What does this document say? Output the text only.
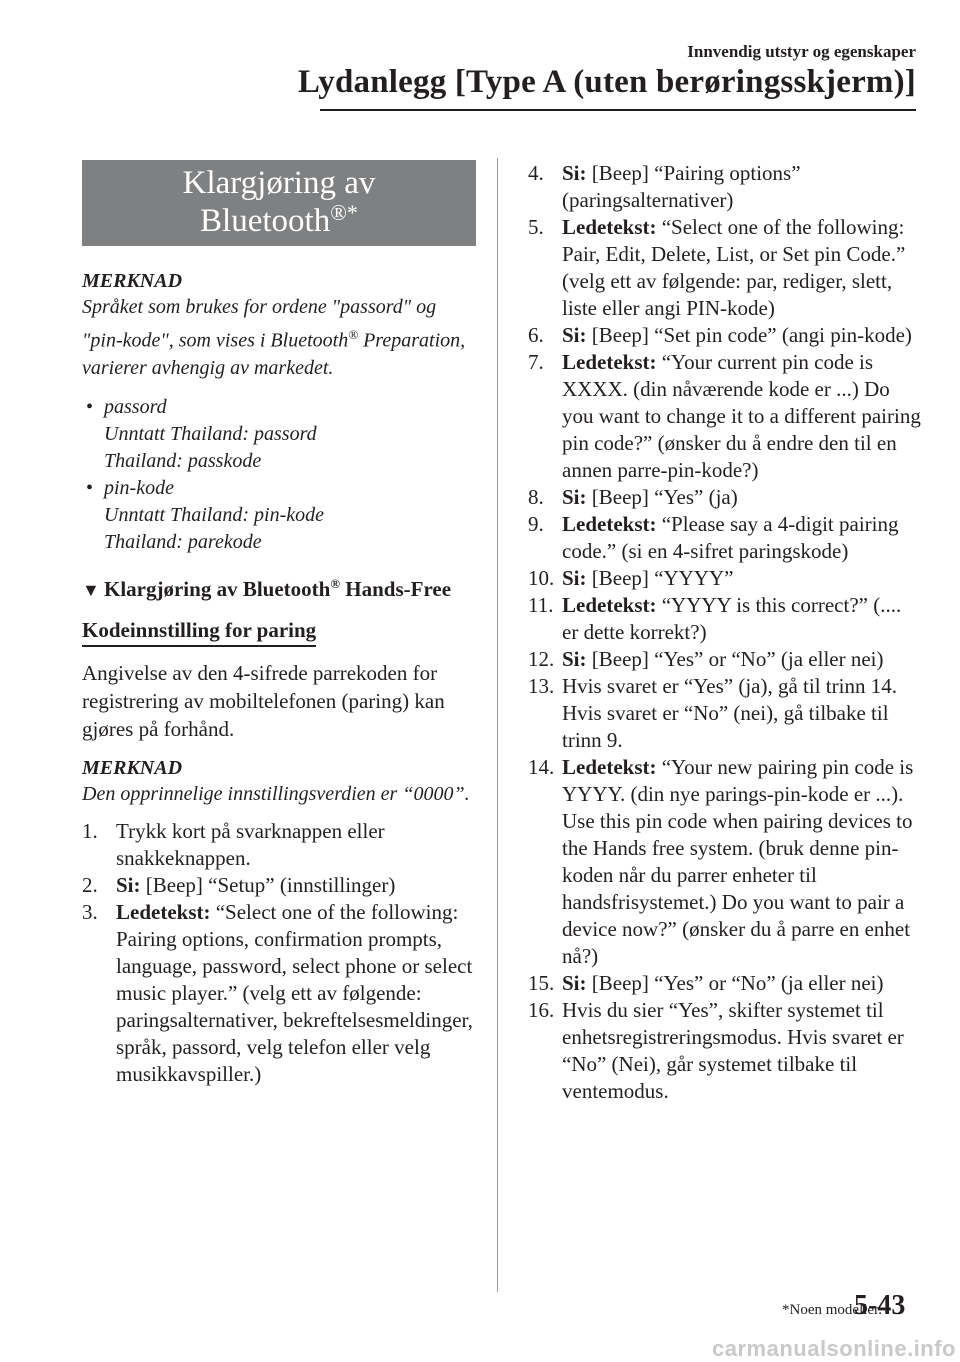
Innvendig utstyr og egenskaper
Lydanlegg [Type A (uten berøringsskjerm)]
Klargjøring av
Bluetooth®*
MERKNAD
Språket som brukes for ordene "passord" og "pin-kode", som vises i Bluetooth® Preparation, varierer avhengig av markedet.
• passord
Unntatt Thailand: passord
Thailand: passkode
• pin-kode
Unntatt Thailand: pin-kode
Thailand: parekode
▼ Klargjøring av Bluetooth® Hands-Free
Kodeinnstilling for paring
Angivelse av den 4-sifrede parrekoden for registrering av mobiltelefonen (paring) kan gjøres på forhånd.
MERKNAD
Den opprinnelige innstillingsverdien er “0000”.
1. Trykk kort på svarknappen eller snakkeknappen.
2. Si: [Beep] “Setup” (innstillinger)
3. Ledetekst: “Select one of the following: Pairing options, confirmation prompts, language, password, select phone or select music player.” (velg ett av følgende: paringsalternativer, bekreftelsesmeldinger, språk, passord, velg telefon eller velg musikkavspiller.)
4. Si: [Beep] “Pairing options” (paringsalternativer)
5. Ledetekst: “Select one of the following: Pair, Edit, Delete, List, or Set pin Code.” (velg ett av følgende: par, rediger, slett, liste eller angi PIN-kode)
6. Si: [Beep] “Set pin code” (angi pin-kode)
7. Ledetekst: “Your current pin code is XXXX. (din nåværende kode er ...) Do you want to change it to a different pairing pin code?” (ønsker du å endre den til en annen parre-pin-kode?)
8. Si: [Beep] “Yes” (ja)
9. Ledetekst: “Please say a 4-digit pairing code.” (si en 4-sifret paringskode)
10. Si: [Beep] “YYYY”
11. Ledetekst: “YYYY is this correct?” (.... er dette korrekt?)
12. Si: [Beep] “Yes” or “No” (ja eller nei)
13. Hvis svaret er “Yes” (ja), gå til trinn 14. Hvis svaret er “No” (nei), gå tilbake til trinn 9.
14. Ledetekst: “Your new pairing pin code is YYYY. (din nye parings-pin-kode er ...). Use this pin code when pairing devices to the Hands free system. (bruk denne pin-koden når du parrer enheter til handsfrisystemet.) Do you want to pair a device now?” (ønsker du å parre en enhet nå?)
15. Si: [Beep] “Yes” or “No” (ja eller nei)
16. Hvis du sier “Yes”, skifter systemet til enhetsregistreringsmodus. Hvis svaret er “No” (Nei), går systemet tilbake til ventemodus.
*Noen modeller.
5-43
carmanualsonline.info
